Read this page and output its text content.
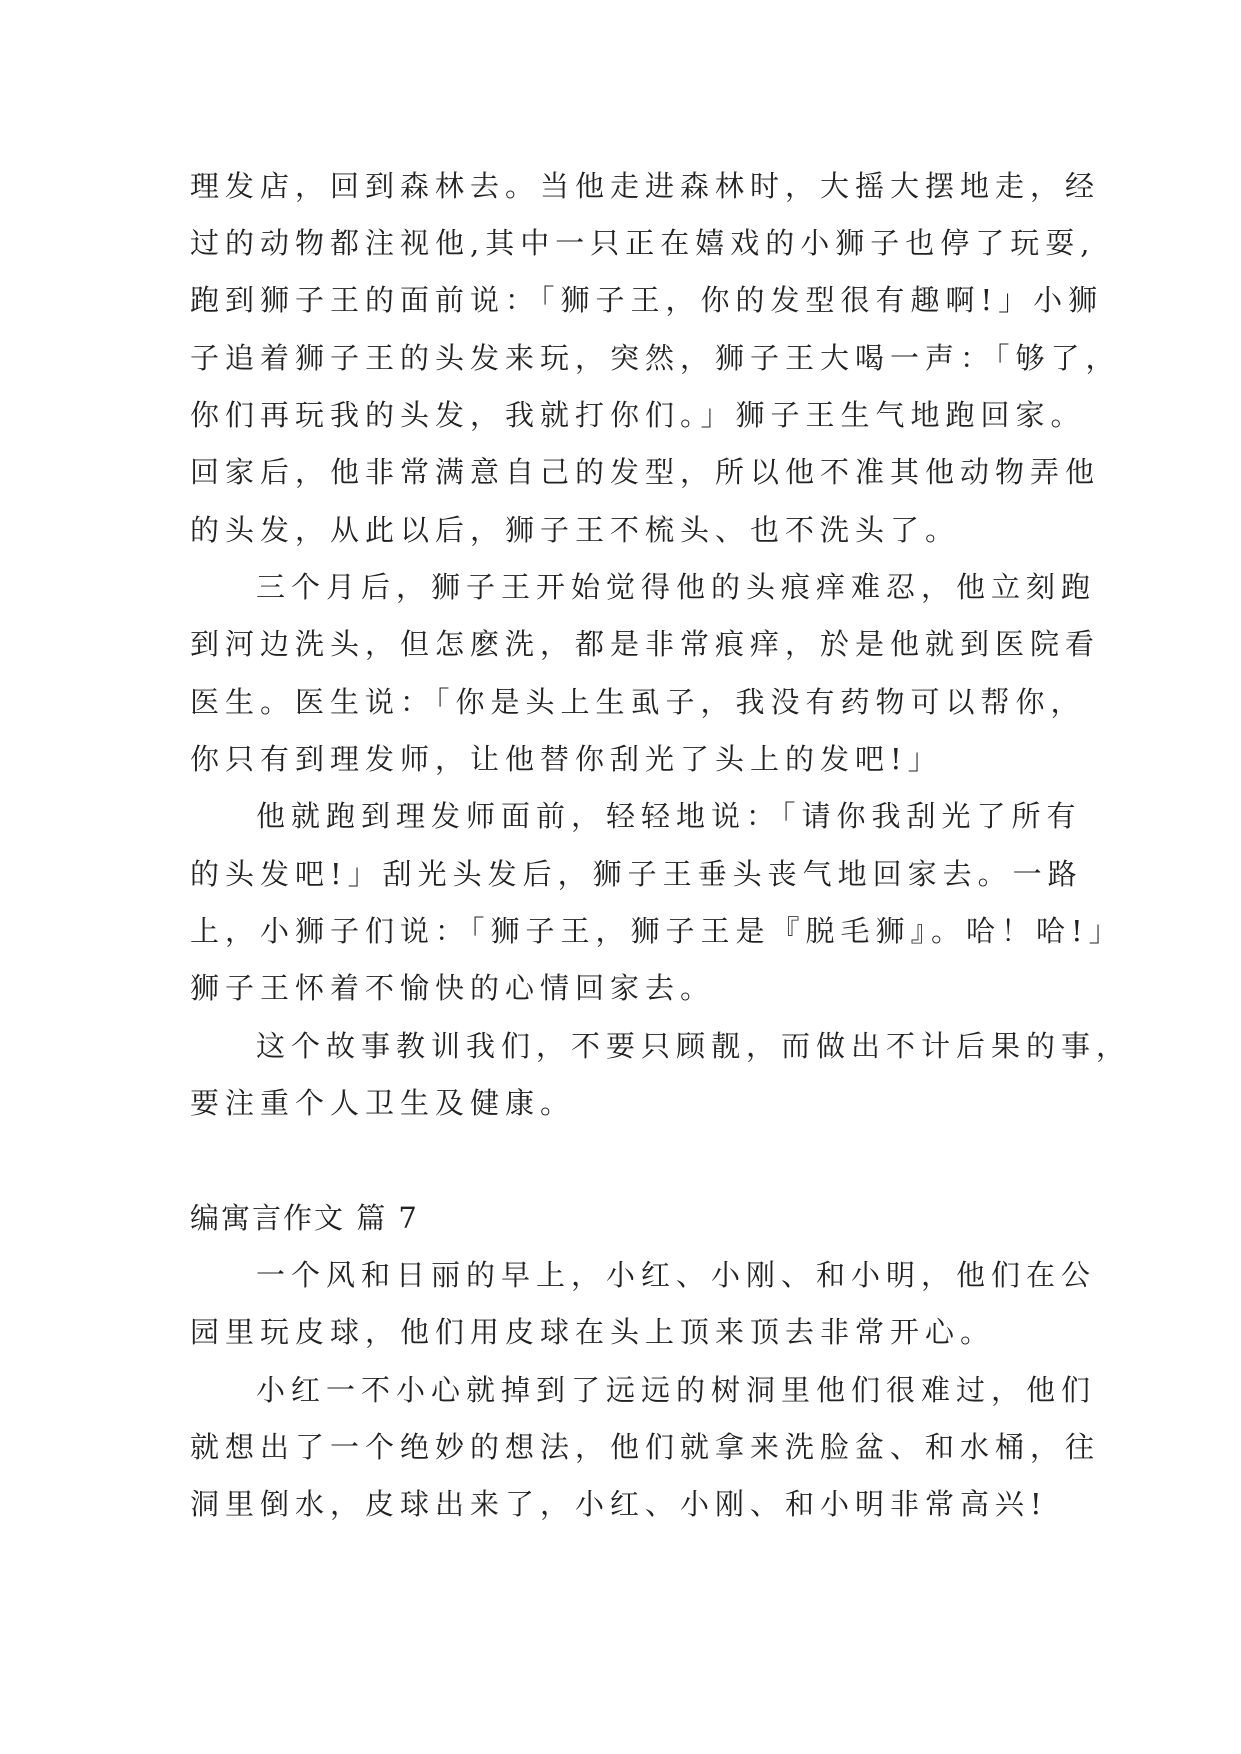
理发店，回到森林去。当他走进森林时，大摇大摆地走，经

过的动物都注视他,其中一只正在嬉戏的小狮子也停了玩耍,

跑到狮子王的面前说：「狮子王，你的发型很有趣啊!」小狮

子追着狮子王的头发来玩，突然，狮子王大喝一声：「够了，

你们再玩我的头发，我就打你们。」狮子王生气地跑回家。

回家后，他非常满意自己的发型，所以他不准其他动物弄他

的头发，从此以后，狮子王不梳头、也不洗头了。

三个月后，狮子王开始觉得他的头痕痒难忍，他立刻跑

到河边洗头，但怎麽洗，都是非常痕痒，於是他就到医院看

医生。医生说：「你是头上生虱子，我没有药物可以帮你，

你只有到理发师，让他替你刮光了头上的发吧!」

他就跑到理发师面前，轻轻地说：「请你我刮光了所有

的头发吧!」刮光头发后，狮子王垂头丧气地回家去。一路

上，小狮子们说：「狮子王，狮子王是『脱毛狮』。哈！哈!」

狮子王怀着不愉快的心情回家去。

这个故事教训我们，不要只顾靓，而做出不计后果的事，

要注重个人卫生及健康。

编寓言作文 篇 7

一个风和日丽的早上，小红、小刚、和小明，他们在公

园里玩皮球，他们用皮球在头上顶来顶去非常开心。

小红一不小心就掉到了远远的树洞里他们很难过，他们

就想出了一个绝妙的想法，他们就拿来洗脸盆、和水桶，往

洞里倒水，皮球出来了，小红、小刚、和小明非常高兴!
